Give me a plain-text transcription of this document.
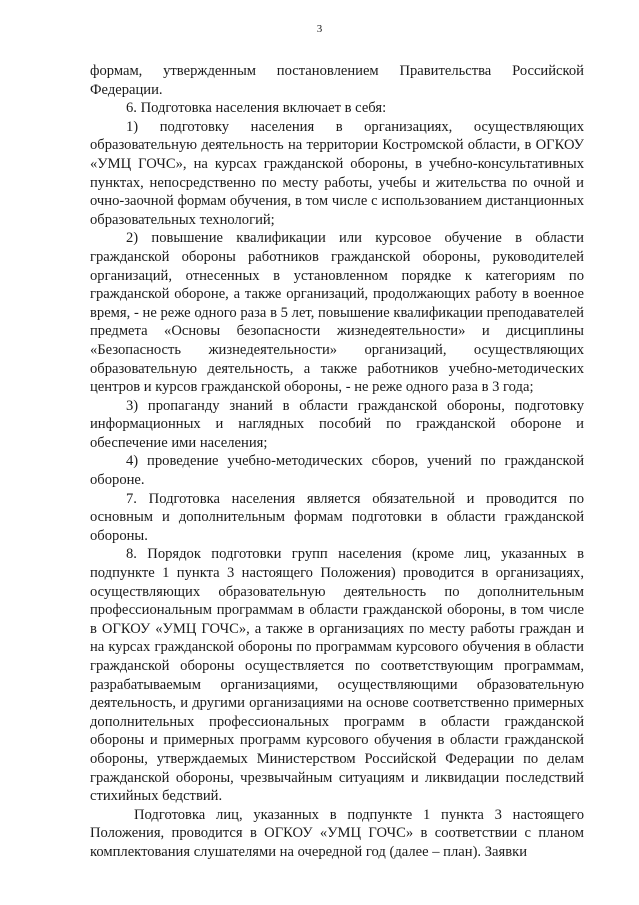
3

формам, утвержденным постановлением Правительства Российской Федерации.

6. Подготовка населения включает в себя:

1) подготовку населения в организациях, осуществляющих образовательную деятельность на территории Костромской области, в ОГКОУ «УМЦ ГОЧС», на курсах гражданской обороны, в учебно-консультативных пунктах, непосредственно по месту работы, учебы и жительства по очной и очно-заочной формам обучения, в том числе с использованием дистанционных образовательных технологий;

2) повышение квалификации или курсовое обучение в области гражданской обороны работников гражданской обороны, руководителей организаций, отнесенных в установленном порядке к категориям по гражданской обороне, а также организаций, продолжающих работу в военное время, - не реже одного раза в 5 лет, повышение квалификации преподавателей предмета «Основы безопасности жизнедеятельности» и дисциплины «Безопасность жизнедеятельности» организаций, осуществляющих образовательную деятельность, а также работников учебно-методических центров и курсов гражданской обороны, - не реже одного раза в 3 года;

3) пропаганду знаний в области гражданской обороны, подготовку информационных и наглядных пособий по гражданской обороне и обеспечение ими населения;

4) проведение учебно-методических сборов, учений по гражданской обороне.

7. Подготовка населения является обязательной и проводится по основным и дополнительным формам подготовки в области гражданской обороны.

8. Порядок подготовки групп населения (кроме лиц, указанных в подпункте 1 пункта 3 настоящего Положения) проводится в организациях, осуществляющих образовательную деятельность по дополнительным профессиональным программам в области гражданской обороны, в том числе в ОГКОУ «УМЦ ГОЧС», а также в организациях по месту работы граждан и на курсах гражданской обороны по программам курсового обучения в области гражданской обороны осуществляется по соответствующим программам, разрабатываемым организациями, осуществляющими образовательную деятельность, и другими организациями на основе соответственно примерных дополнительных профессиональных программ в области гражданской обороны и примерных программ курсового обучения в области гражданской обороны, утверждаемых Министерством Российской Федерации по делам гражданской обороны, чрезвычайным ситуациям и ликвидации последствий стихийных бедствий.

Подготовка лиц, указанных в подпункте 1 пункта 3 настоящего Положения, проводится в ОГКОУ «УМЦ ГОЧС» в соответствии с планом комплектования слушателями на очередной год (далее – план). Заявки
